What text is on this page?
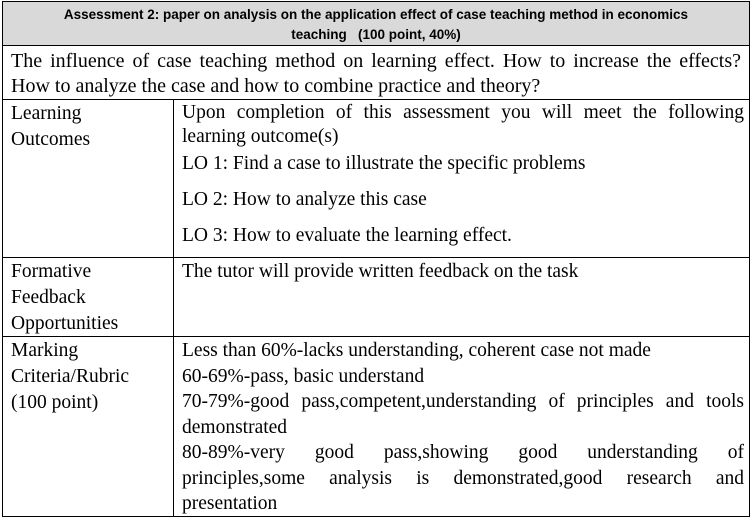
Assessment 2: paper on analysis on the application effect of case teaching method in economics
teaching   (100 point, 40%)
The influence of case teaching method on learning effect. How to increase the effects? How to analyze the case and how to combine practice and theory?
Learning
Outcomes

Upon completion of this assessment you will meet the following learning outcome(s)

LO 1: Find a case to illustrate the specific problems

LO 2: How to analyze this case

LO 3: How to evaluate the learning effect.

Formative
Feedback
Opportunities

The tutor will provide written feedback on the task

Marking
Criteria/Rubric
(100 point)

Less than 60%-lacks understanding, coherent case not made

60-69%-pass, basic understand

70-79%-good pass,competent,understanding of principles and tools demonstrated

80-89%-very good pass,showing good understanding of principles,some analysis is demonstrated,good research and presentation
